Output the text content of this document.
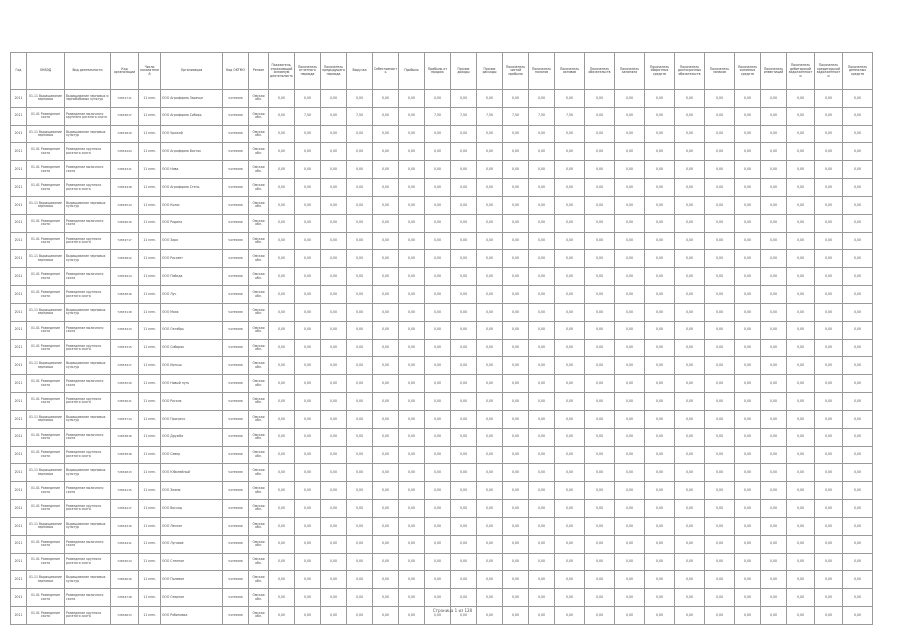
Год	ОКВЭД	Вид деятельности	Код организации	Число показателей	Организация	Код ОКТМО	Регион	Показатель, отражающий основную деятельность	Показатель отчетного периода	Показатель предыдущего периода	Выручка	Себестоимость	Прибыль	Прибыль от продаж	Прочие доходы	Прочие расходы	Показатель чистой прибыли	Показатель налогов	Показатель активов	Показатель обязательств	Показатель капитала	Показатель оборотных средств	Показатель долгосрочных обязательств	Показатель запасов	Показатель основных средств	Показатель инвестиций	Показатель дебиторской задолженности	Показатель кредиторской задолженности	Показатель денежных средств
2011	01.11 Выращивание зерновых	Выращивание зерновых и зернобобовых культур	72031711	11 млн.	ООО Агрофирма Заречье	54705000	Омская обл.	0,00	0,00	0,00	0,00	0,00	0,00	0,00	0,00	0,00	0,00	0,00	0,00	0,00	0,00	0,00	0,00	0,00	0,00	0,00	0,00	0,00	0,00
2011	01.41 Разведение скота	Разведение молочного крупного рогатого скота	72032017	11 млн.	ООО Агрофирма Сибирь	54705000	Омская обл.	0,00	7,50	0,00	7,50	0,00	0,00	7,50	7,50	7,50	7,50	7,50	7,50	0,00	0,00	0,00	0,00	0,00	0,00	0,00	0,00	0,00	0,00
2011	01.11 Выращивание зерновых	Выращивание зерновых культур	72031819	11 млн.	ООО Урожай	54705000	Омская обл.	0,00	0,00	0,00	0,00	0,00	0,00	0,00	0,00	0,00	0,00	0,00	0,00	0,00	0,00	0,00	0,00	0,00	0,00	0,00	0,00	0,00	0,00
2011	01.41 Разведение скота	Разведение крупного рогатого скота	72032224	11 млн.	ООО Агрофирма Восток	54705000	Омская обл.	0,00	0,00	0,00	0,00	0,00	0,00	0,00	0,00	0,00	0,00	0,00	0,00	0,00	0,00	0,00	0,00	0,00	0,00	0,00	0,00	0,00	0,00
2011	01.41 Разведение скота	Разведение молочного скота	72032311	11 млн.	ООО Нива	54705000	Омская обл.	0,00	0,00	0,00	0,00	0,00	0,00	0,00	0,00	0,00	0,00	0,00	0,00	0,00	0,00	0,00	0,00	0,00	0,00	0,00	0,00	0,00	0,00
2011	01.41 Разведение скота	Разведение крупного рогатого скота	72032418	11 млн.	ООО Агрофирма Степь	54705000	Омская обл.	0,00	0,00	0,00	0,00	0,00	0,00	0,00	0,00	0,00	0,00	0,00	0,00	0,00	0,00	0,00	0,00	0,00	0,00	0,00	0,00	0,00	0,00
2011	01.11 Выращивание зерновых	Выращивание зерновых культур	72032514	11 млн.	ООО Колос	54705000	Омская обл.	0,00	0,00	0,00	0,00	0,00	0,00	0,00	0,00	0,00	0,00	0,00	0,00	0,00	0,00	0,00	0,00	0,00	0,00	0,00	0,00	0,00	0,00
2011	01.41 Разведение скота	Разведение молочного скота	72032619	11 млн.	ООО Родина	54705000	Омская обл.	0,00	0,00	0,00	0,00	0,00	0,00	0,00	0,00	0,00	0,00	0,00	0,00	0,00	0,00	0,00	0,00	0,00	0,00	0,00	0,00	0,00	0,00
2011	01.41 Разведение скота	Разведение крупного рогатого скота	72032717	11 млн.	ООО Заря	54705000	Омская обл.	0,00	0,00	0,00	0,00	0,00	0,00	0,00	0,00	0,00	0,00	0,00	0,00	0,00	0,00	0,00	0,00	0,00	0,00	0,00	0,00	0,00	0,00
2011	01.11 Выращивание зерновых	Выращивание зерновых культур	72032812	11 млн.	ООО Рассвет	54705000	Омская обл.	0,00	0,00	0,00	0,00	0,00	0,00	0,00	0,00	0,00	0,00	0,00	0,00	0,00	0,00	0,00	0,00	0,00	0,00	0,00	0,00	0,00	0,00
2011	01.41 Разведение скота	Разведение молочного скота	72032914	11 млн.	ООО Победа	54705000	Омская обл.	0,00	0,00	0,00	0,00	0,00	0,00	0,00	0,00	0,00	0,00	0,00	0,00	0,00	0,00	0,00	0,00	0,00	0,00	0,00	0,00	0,00	0,00
2011	01.41 Разведение скота	Разведение крупного рогатого скота	72033016	11 млн.	ООО Луч	54705000	Омская обл.	0,00	0,00	0,00	0,00	0,00	0,00	0,00	0,00	0,00	0,00	0,00	0,00	0,00	0,00	0,00	0,00	0,00	0,00	0,00	0,00	0,00	0,00
2011	01.11 Выращивание зерновых	Выращивание зерновых культур	72033118	11 млн.	ООО Маяк	54705000	Омская обл.	0,00	0,00	0,00	0,00	0,00	0,00	0,00	0,00	0,00	0,00	0,00	0,00	0,00	0,00	0,00	0,00	0,00	0,00	0,00	0,00	0,00	0,00
2011	01.41 Разведение скота	Разведение молочного скота	72033213	11 млн.	ООО Октябрь	54705000	Омская обл.	0,00	0,00	0,00	0,00	0,00	0,00	0,00	0,00	0,00	0,00	0,00	0,00	0,00	0,00	0,00	0,00	0,00	0,00	0,00	0,00	0,00	0,00
2011	01.41 Разведение скота	Разведение крупного рогатого скота	72033315	11 млн.	ООО Сибиряк	54705000	Омская обл.	0,00	0,00	0,00	0,00	0,00	0,00	0,00	0,00	0,00	0,00	0,00	0,00	0,00	0,00	0,00	0,00	0,00	0,00	0,00	0,00	0,00	0,00
2011	01.11 Выращивание зерновых	Выращивание зерновых культур	72033417	11 млн.	ООО Иртыш	54705000	Омская обл.	0,00	0,00	0,00	0,00	0,00	0,00	0,00	0,00	0,00	0,00	0,00	0,00	0,00	0,00	0,00	0,00	0,00	0,00	0,00	0,00	0,00	0,00
2011	01.41 Разведение скота	Разведение молочного скота	72033519	11 млн.	ООО Новый путь	54705000	Омская обл.	0,00	0,00	0,00	0,00	0,00	0,00	0,00	0,00	0,00	0,00	0,00	0,00	0,00	0,00	0,00	0,00	0,00	0,00	0,00	0,00	0,00	0,00
2011	01.41 Разведение скота	Разведение крупного рогатого скота	72033611	11 млн.	ООО Россия	54705000	Омская обл.	0,00	0,00	0,00	0,00	0,00	0,00	0,00	0,00	0,00	0,00	0,00	0,00	0,00	0,00	0,00	0,00	0,00	0,00	0,00	0,00	0,00	0,00
2011	01.11 Выращивание зерновых	Выращивание зерновых культур	72033714	11 млн.	ООО Прогресс	54705000	Омская обл.	0,00	0,00	0,00	0,00	0,00	0,00	0,00	0,00	0,00	0,00	0,00	0,00	0,00	0,00	0,00	0,00	0,00	0,00	0,00	0,00	0,00	0,00
2011	01.41 Разведение скота	Разведение молочного скота	72033816	11 млн.	ООО Дружба	54705000	Омская обл.	0,00	0,00	0,00	0,00	0,00	0,00	0,00	0,00	0,00	0,00	0,00	0,00	0,00	0,00	0,00	0,00	0,00	0,00	0,00	0,00	0,00	0,00
2011	01.41 Разведение скота	Разведение крупного рогатого скота	72033918	11 млн.	ООО Север	54705000	Омская обл.	0,00	0,00	0,00	0,00	0,00	0,00	0,00	0,00	0,00	0,00	0,00	0,00	0,00	0,00	0,00	0,00	0,00	0,00	0,00	0,00	0,00	0,00
2011	01.11 Выращивание зерновых	Выращивание зерновых культур	72034013	11 млн.	ООО Юбилейный	54705000	Омская обл.	0,00	0,00	0,00	0,00	0,00	0,00	0,00	0,00	0,00	0,00	0,00	0,00	0,00	0,00	0,00	0,00	0,00	0,00	0,00	0,00	0,00	0,00
2011	01.41 Разведение скота	Разведение молочного скота	72034115	11 млн.	ООО Знамя	54705000	Омская обл.	0,00	0,00	0,00	0,00	0,00	0,00	0,00	0,00	0,00	0,00	0,00	0,00	0,00	0,00	0,00	0,00	0,00	0,00	0,00	0,00	0,00	0,00
2011	01.41 Разведение скота	Разведение крупного рогатого скота	72034217	11 млн.	ООО Восход	54705000	Омская обл.	0,00	0,00	0,00	0,00	0,00	0,00	0,00	0,00	0,00	0,00	0,00	0,00	0,00	0,00	0,00	0,00	0,00	0,00	0,00	0,00	0,00	0,00
2011	01.11 Выращивание зерновых	Выращивание зерновых культур	72034319	11 млн.	ООО Лесное	54705000	Омская обл.	0,00	0,00	0,00	0,00	0,00	0,00	0,00	0,00	0,00	0,00	0,00	0,00	0,00	0,00	0,00	0,00	0,00	0,00	0,00	0,00	0,00	0,00
2011	01.41 Разведение скота	Разведение молочного скота	72034411	11 млн.	ООО Луговое	54705000	Омская обл.	0,00	0,00	0,00	0,00	0,00	0,00	0,00	0,00	0,00	0,00	0,00	0,00	0,00	0,00	0,00	0,00	0,00	0,00	0,00	0,00	0,00	0,00
2011	01.41 Разведение скота	Разведение крупного рогатого скота	72034514	11 млн.	ООО Степное	54705000	Омская обл.	0,00	0,00	0,00	0,00	0,00	0,00	0,00	0,00	0,00	0,00	0,00	0,00	0,00	0,00	0,00	0,00	0,00	0,00	0,00	0,00	0,00	0,00
2011	01.11 Выращивание зерновых	Выращивание зерновых культур	72034616	11 млн.	ООО Полевое	54705000	Омская обл.	0,00	0,00	0,00	0,00	0,00	0,00	0,00	0,00	0,00	0,00	0,00	0,00	0,00	0,00	0,00	0,00	0,00	0,00	0,00	0,00	0,00	0,00
2011	01.41 Разведение скота	Разведение молочного скота	72034718	11 млн.	ООО Озерное	54705000	Омская обл.	0,00	0,00	0,00	0,00	0,00	0,00	0,00	0,00	0,00	0,00	0,00	0,00	0,00	0,00	0,00	0,00	0,00	0,00	0,00	0,00	0,00	0,00
2011	01.41 Разведение скота	Разведение крупного рогатого скота	72034813	11 млн.	ООО Рябиновка	54705000	Омская обл.	0,00	0,00	0,00	0,00	0,00	0,00	0,00	0,00	0,00	0,00	0,00	0,00	0,00	0,00	0,00	0,00	0,00	0,00	0,00	0,00	0,00	0,00
Страница 1 из 128
